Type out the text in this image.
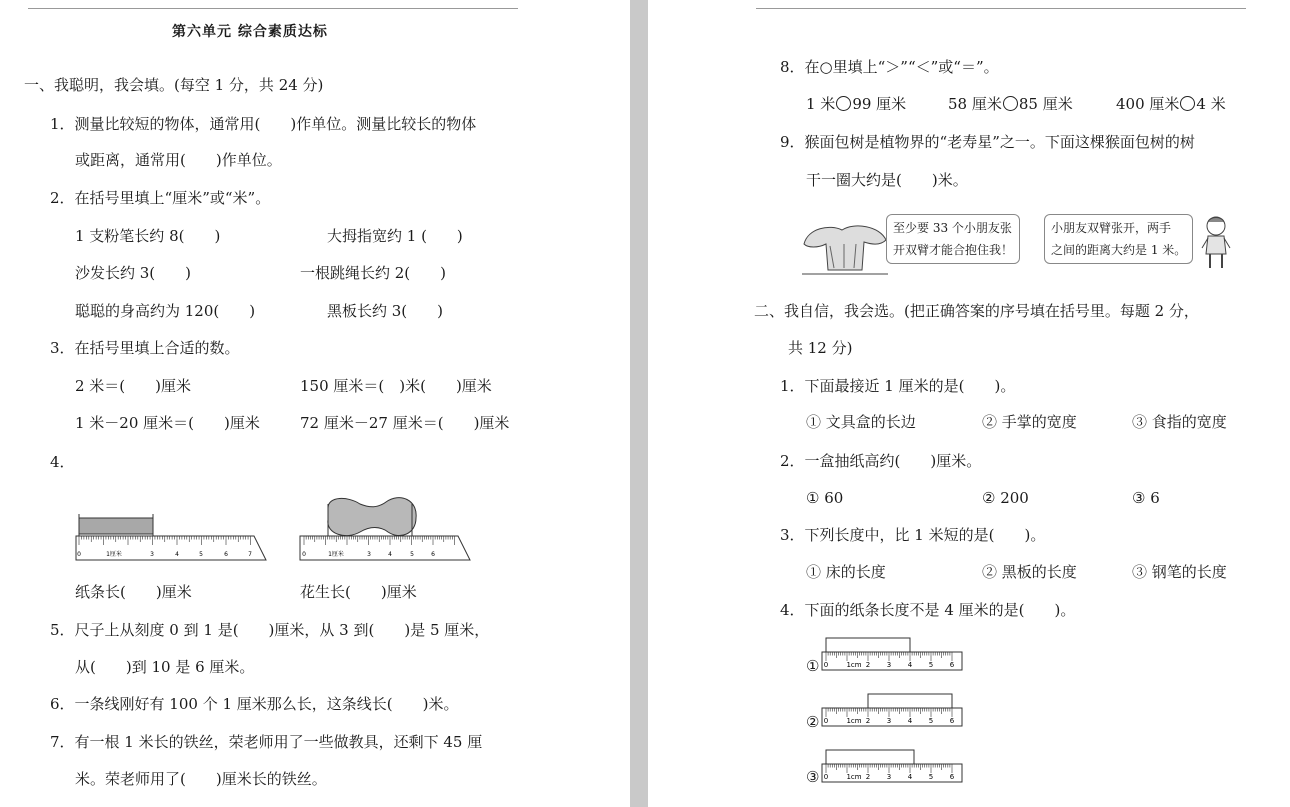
第六单元 综合素质达标
一、我聪明，我会填。(每空 1 分，共 24 分)
1．测量比较短的物体，通常用(　　)作单位。测量比较长的物体
或距离，通常用(　　)作单位。
2．在括号里填上“厘米”或“米”。
1 支粉笔长约 8(　　)	大拇指宽约 1 (　　)
沙发长约 3(　　)	一根跳绳长约 2(　　)
聪聪的身高约为 120(　　)	黑板长约 3(　　)
3．在括号里填上合适的数。
2 米＝(　　)厘米	150 厘米＝(　)米(　　)厘米
1 米－20 厘米＝(　　)厘米	72 厘米－27 厘米＝(　　)厘米
4．
0	1厘米	3	4	5	6	7	0	1厘米	3	4	5	6
纸条长(　　)厘米	花生长(　　)厘米
5．尺子上从刻度 0 到 1 是(　　)厘米，从 3 到(　　)是 5 厘米，
从(　　)到 10 是 6 厘米。
6．一条线刚好有 100 个 1 厘米那么长，这条线长(　　)米。
7．有一根 1 米长的铁丝，荣老师用了一些做教具，还剩下 45 厘
米。荣老师用了(　　)厘米长的铁丝。
8．在○里填上“＞”“＜”或“＝”。
1 米 99 厘米	58 厘米 85 厘米	400 厘米 4 米
9．猴面包树是植物界的“老寿星”之一。下面这棵猴面包树的树
干一圈大约是(　　)米。
至少要 33 个小朋友张
开双臂才能合抱住我！
小朋友双臂张开，两手
之间的距离大约是 1 米。
二、我自信，我会选。(把正确答案的序号填在括号里。每题 2 分，
共 12 分)
1．下面最接近 1 厘米的是(　　)。
① 文具盒的长边	② 手掌的宽度	③ 食指的宽度
2．一盒抽纸高约(　　)厘米。
① 60	② 200	③ 6
3．下列长度中，比 1 米短的是(　　)。
① 床的长度	② 黑板的长度	③ 钢笔的长度
4．下面的纸条长度不是 4 厘米的是(　　)。
① 0	1cm 2 3 4 5 6
② 0	1cm 2 3 4 5 6
③ 0	1cm 2 3 4 5 6
